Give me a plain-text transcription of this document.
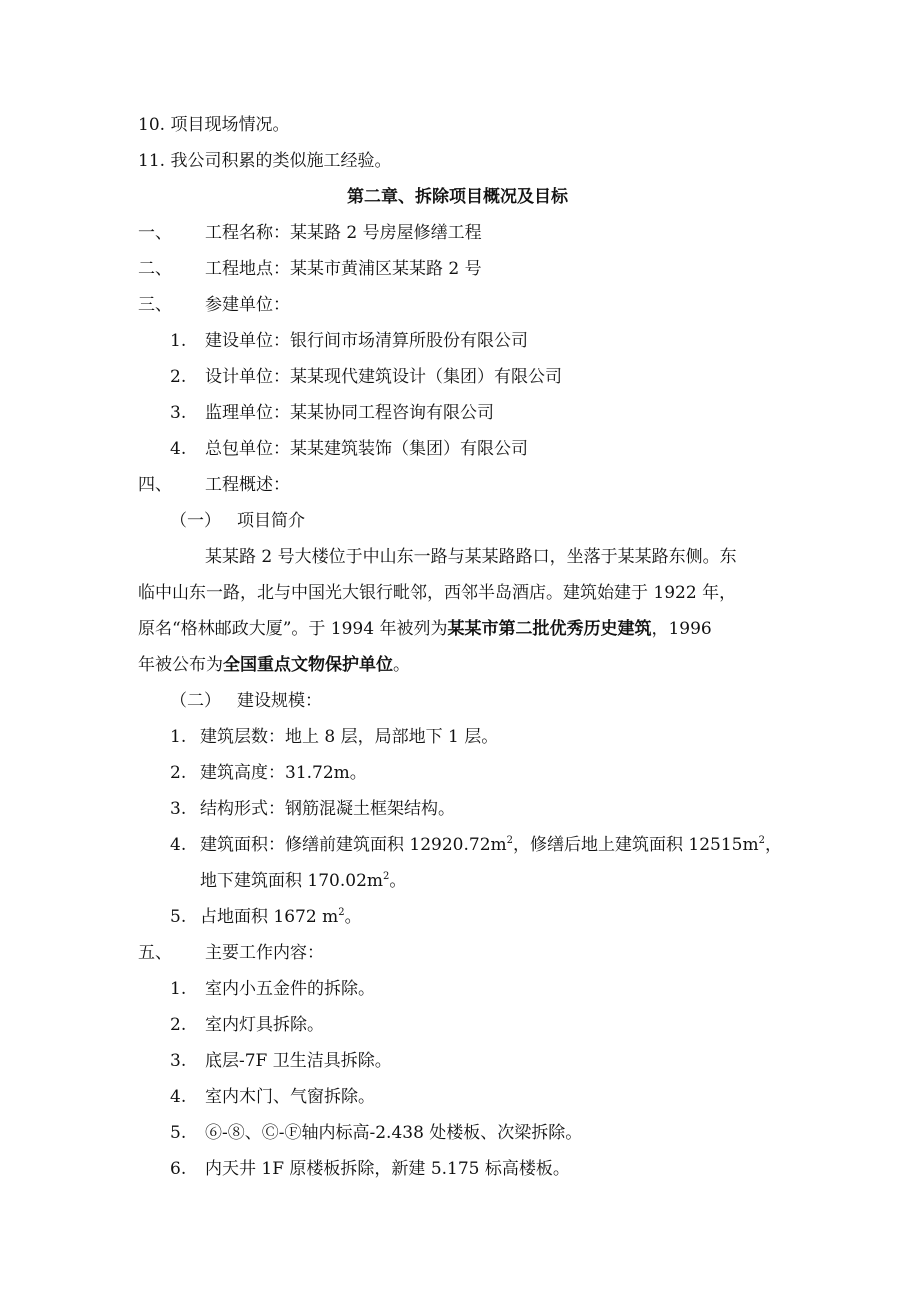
10. 项目现场情况。
11. 我公司积累的类似施工经验。
第二章、拆除项目概况及目标
一、 工程名称：某某路 2 号房屋修缮工程
二、 工程地点：某某市黄浦区某某路 2 号
三、 参建单位：
1. 建设单位：银行间市场清算所股份有限公司
2. 设计单位：某某现代建筑设计（集团）有限公司
3. 监理单位：某某协同工程咨询有限公司
4. 总包单位：某某建筑装饰（集团）有限公司
四、 工程概述：
（一） 项目简介
某某路 2 号大楼位于中山东一路与某某路路口，坐落于某某路东侧。东
临中山东一路，北与中国光大银行毗邻，西邻半岛酒店。建筑始建于 1922 年，
原名“格林邮政大厦”。于 1994 年被列为某某市第二批优秀历史建筑，1996
年被公布为全国重点文物保护单位。
（二） 建设规模：
1. 建筑层数：地上 8 层，局部地下 1 层。
2. 建筑高度：31.72m。
3. 结构形式：钢筋混凝土框架结构。
4. 建筑面积：修缮前建筑面积 $12920.72m^2$，修缮后地上建筑面积 $12515m^2$，
地下建筑面积 $170.02m^2$。
5. 占地面积 1672 $m^2$。
五、 主要工作内容：
1. 室内小五金件的拆除。
2. 室内灯具拆除。
3. 底层-7F 卫生洁具拆除。
4. 室内木门、气窗拆除。
5. ⑥-⑧、Ⓒ-Ⓕ轴内标高-2.438 处楼板、次梁拆除。
6. 内天井 1F 原楼板拆除，新建 5.175 标高楼板。
